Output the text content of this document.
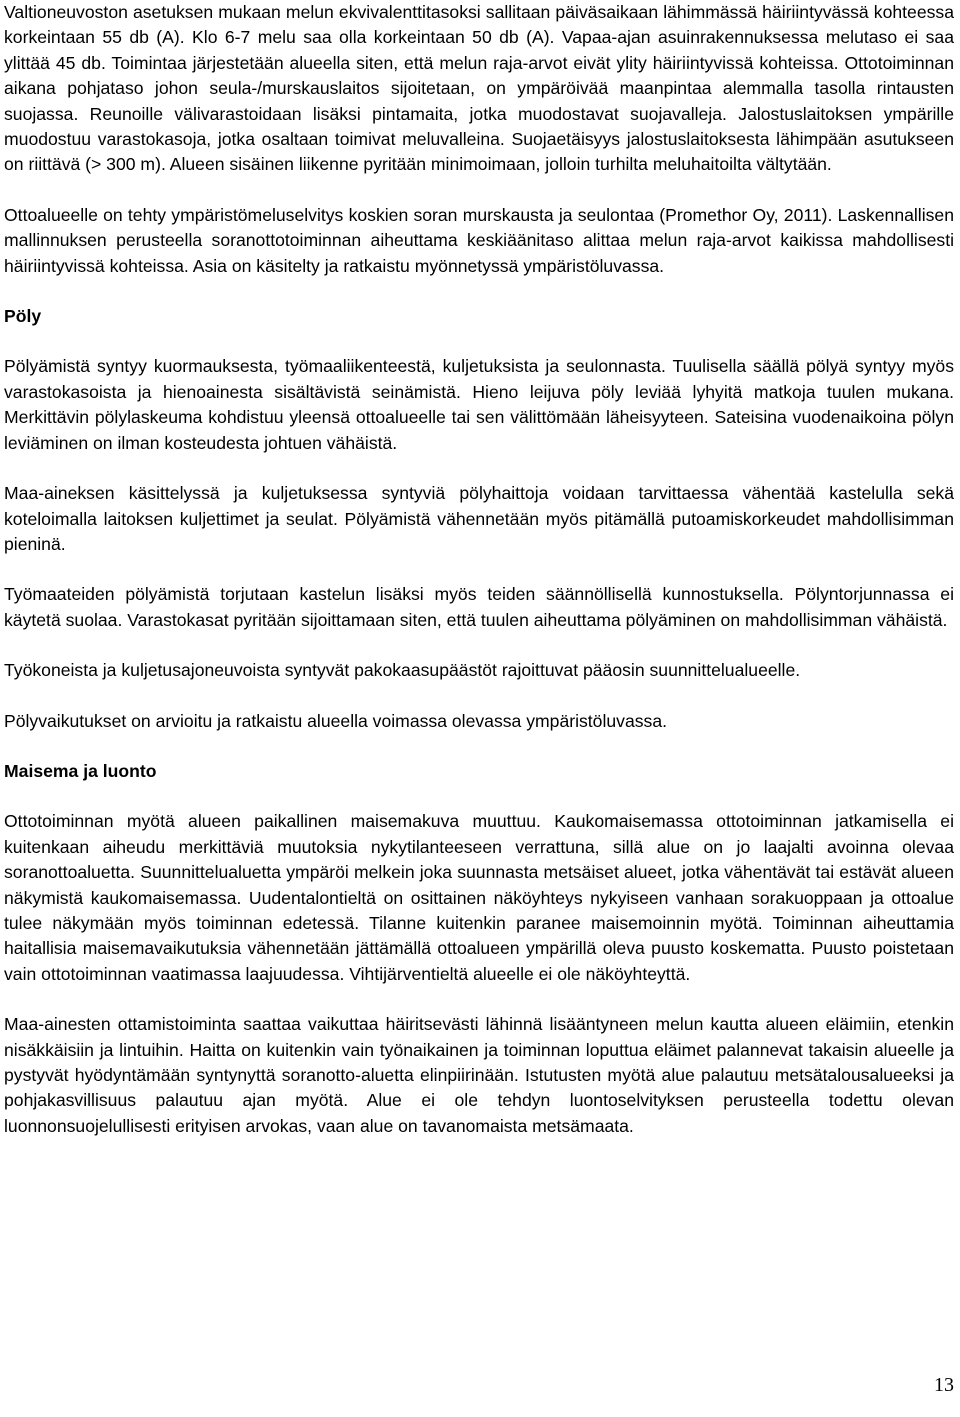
Valtioneuvoston asetuksen mukaan melun ekvivalenttitasoksi sallitaan päiväsaikaan lähimmässä häiriintyvässä kohteessa korkeintaan 55 db (A). Klo 6-7 melu saa olla korkeintaan 50 db (A). Vapaa-ajan asuinrakennuksessa melutaso ei saa ylittää 45 db. Toimintaa järjestetään alueella siten, että melun raja-arvot eivät ylity häiriintyvissä kohteissa. Ottotoiminnan aikana pohjataso johon seula-/murskauslaitos sijoitetaan, on ympäröivää maanpintaa alemmalla tasolla rintausten suojassa. Reunoille välivarastoidaan lisäksi pintamaita, jotka muodostavat suojavalleja. Jalostuslaitoksen ympärille muodostuu varastokasoja, jotka osaltaan toimivat meluvalleina. Suojaetäisyys jalostuslaitoksesta lähimpään asutukseen on riittävä (> 300 m). Alueen sisäinen liikenne pyritään minimoimaan, jolloin turhilta meluhaitoilta vältytään.

Ottoalueelle on tehty ympäristömeluselvitys koskien soran murskausta ja seulontaa (Promethor Oy, 2011). Laskennallisen mallinnuksen perusteella soranottotoiminnan aiheuttama keskiäänitaso alittaa melun raja-arvot kaikissa mahdollisesti häiriintyvissä kohteissa. Asia on käsitelty ja ratkaistu myönnetyssä ympäristöluvassa.

Pöly

Pölyämistä syntyy kuormauksesta, työmaaliikenteestä, kuljetuksista ja seulonnasta. Tuulisella säällä pölyä syntyy myös varastokasoista ja hienoainesta sisältävistä seinämistä. Hieno leijuva pöly leviää lyhyitä matkoja tuulen mukana. Merkittävin pölylaskeuma kohdistuu yleensä ottoalueelle tai sen välittömään läheisyyteen. Sateisina vuodenaikoina pölyn leviäminen on ilman kosteudesta johtuen vähäistä.

Maa-aineksen käsittelyssä ja kuljetuksessa syntyviä pölyhaittoja voidaan tarvittaessa vähentää kastelulla sekä koteloimalla laitoksen kuljettimet ja seulat. Pölyämistä vähennetään myös pitämällä putoamiskorkeudet mahdollisimman pieninä.

Työmaateiden pölyämistä torjutaan kastelun lisäksi myös teiden säännöllisellä kunnostuksella. Pölyntorjunnassa ei käytetä suolaa. Varastokasat pyritään sijoittamaan siten, että tuulen aiheuttama pölyäminen on mahdollisimman vähäistä.

Työkoneista ja kuljetusajoneuvoista syntyvät pakokaasupäästöt rajoittuvat pääosin suunnittelualueelle.

Pölyvaikutukset on arvioitu ja ratkaistu alueella voimassa olevassa ympäristöluvassa.

Maisema ja luonto

Ottotoiminnan myötä alueen paikallinen maisemakuva muuttuu. Kaukomaisemassa ottotoiminnan jatkamisella ei kuitenkaan aiheudu merkittäviä muutoksia nykytilanteeseen verrattuna, sillä alue on jo laajalti avoinna olevaa soranottoaluetta. Suunnittelualuetta ympäröi melkein joka suunnasta metsäiset alueet, jotka vähentävät tai estävät alueen näkymistä kaukomaisemassa. Uudentalontieltä on osittainen näköyhteys nykyiseen vanhaan sorakuoppaan ja ottoalue tulee näkymään myös toiminnan edetessä. Tilanne kuitenkin paranee maisemoinnin myötä. Toiminnan aiheuttamia haitallisia maisemavaikutuksia vähennetään jättämällä ottoalueen ympärillä oleva puusto koskematta. Puusto poistetaan vain ottotoiminnan vaatimassa laajuudessa. Vihtijärventieltä alueelle ei ole näköyhteyttä.

Maa-ainesten ottamistoiminta saattaa vaikuttaa häiritsevästi lähinnä lisääntyneen melun kautta alueen eläimiin, etenkin nisäkkäisiin ja lintuihin. Haitta on kuitenkin vain työnaikainen ja toiminnan loputtua eläimet palannevat takaisin alueelle ja pystyvät hyödyntämään syntynyttä soranotto-aluetta elinpiirinään. Istutusten myötä alue palautuu metsätalousalueeksi ja pohjakasvillisuus palautuu ajan myötä. Alue ei ole tehdyn luontoselvityksen perusteella todettu olevan luonnonsuojelullisesti erityisen arvokas, vaan alue on tavanomaista metsämaata.

13
